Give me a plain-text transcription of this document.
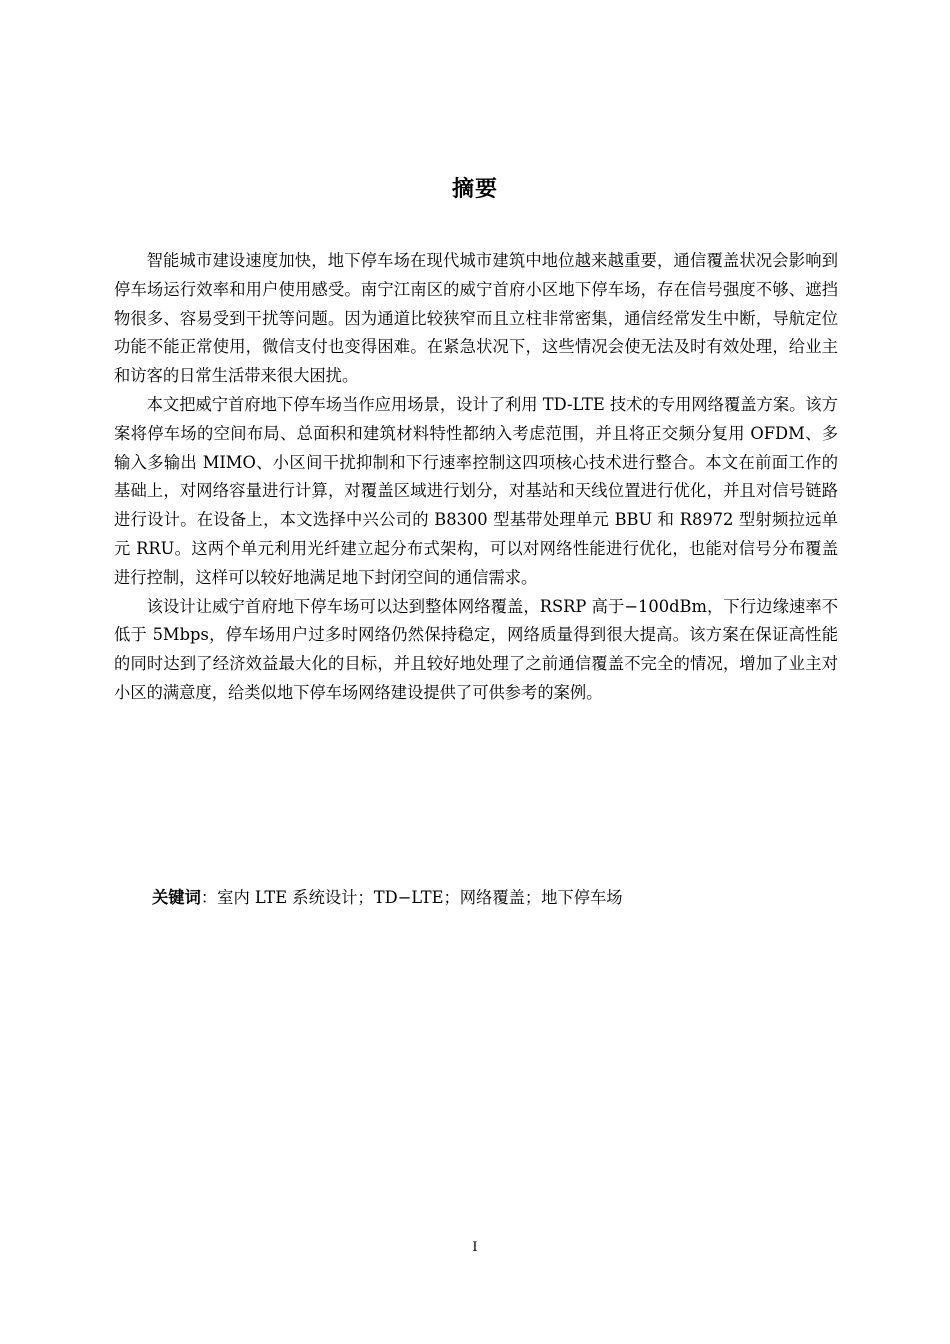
摘要

智能城市建设速度加快，地下停车场在现代城市建筑中地位越来越重要，通信覆盖状况会影响到停车场运行效率和用户使用感受。南宁江南区的威宁首府小区地下停车场，存在信号强度不够、遮挡物很多、容易受到干扰等问题。因为通道比较狭窄而且立柱非常密集，通信经常发生中断，导航定位功能不能正常使用，微信支付也变得困难。在紧急状况下，这些情况会使无法及时有效处理，给业主和访客的日常生活带来很大困扰。

本文把威宁首府地下停车场当作应用场景，设计了利用 TD-LTE 技术的专用网络覆盖方案。该方案将停车场的空间布局、总面积和建筑材料特性都纳入考虑范围，并且将正交频分复用 OFDM、多输入多输出 MIMO、小区间干扰抑制和下行速率控制这四项核心技术进行整合。本文在前面工作的基础上，对网络容量进行计算，对覆盖区域进行划分，对基站和天线位置进行优化，并且对信号链路进行设计。在设备上，本文选择中兴公司的 B8300 型基带处理单元 BBU 和 R8972 型射频拉远单元 RRU。这两个单元利用光纤建立起分布式架构，可以对网络性能进行优化，也能对信号分布覆盖进行控制，这样可以较好地满足地下封闭空间的通信需求。

该设计让威宁首府地下停车场可以达到整体网络覆盖，RSRP 高于−100dBm，下行边缘速率不低于 5Mbps，停车场用户过多时网络仍然保持稳定，网络质量得到很大提高。该方案在保证高性能的同时达到了经济效益最大化的目标，并且较好地处理了之前通信覆盖不完全的情况，增加了业主对小区的满意度，给类似地下停车场网络建设提供了可供参考的案例。

关键词：室内 LTE 系统设计；TD−LTE；网络覆盖；地下停车场
I
